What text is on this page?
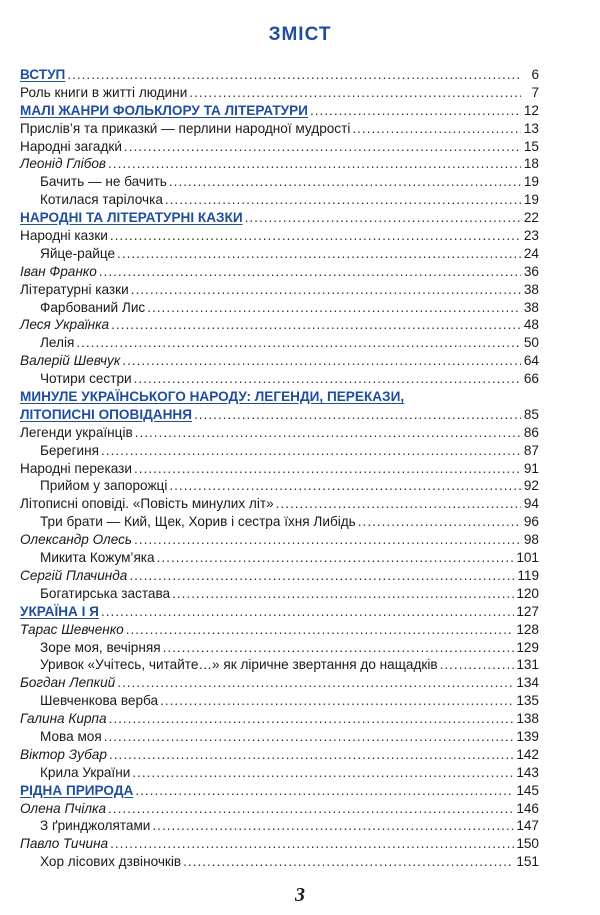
ЗМІСТ
ВСТУП .....	6
Роль книги в житті людини .....	7
МАЛІ ЖАНРИ ФОЛЬКЛОРУ ТА ЛІТЕРАТУРИ .....	12
Прислів’я та приказки́ — перлини народної мудрості .....	13
Народні загадки́ .....	15
Леонід Глібов .....	18
Бачить — не бачить .....	19
Котилася тарілочка .....	19
НАРОДНІ ТА ЛІТЕРАТУРНІ КАЗКИ .....	22
Народні казки .....	23
Яйце-райце .....	24
Іван Франко .....	36
Літературні казки .....	38
Фарбований Лис .....	38
Леся Українка .....	48
Лелія .....	50
Валерій Шевчук .....	64
Чотири сестри .....	66
МИНУЛЕ УКРАЇНСЬКОГО НАРОДУ: ЛЕГЕНДИ, ПЕРЕКАЗИ,
ЛІТОПИСНІ ОПОВІДАННЯ .....	85
Легенди українців .....	86
Берегиня .....	87
Народні перекази .....	91
Прийом у запорожці .....	92
Літописні оповіді. «Повість минулих літ» .....	94
Три брати — Кий, Щек, Хорив і сестра їхня Либідь .....	96
Олександр Олесь .....	98
Микита Кожум’яка .....	101
Сергій Плачинда .....	119
Богатирська застава .....	120
УКРАЇНА І Я .....	127
Тарас Шевченко .....	128
Зоре моя, вечірняя .....	129
Уривок «Учітесь, читайте…» як ліричне звертання до нащадків .....	131
Богдан Лепкий .....	134
Шевченкова верба .....	135
Галина Кирпа .....	138
Мова моя .....	139
Віктор Зубар .....	142
Крила України .....	143
РІДНА ПРИРОДА .....	145
Олена Пчілка .....	146
З ґринджолятами .....	147
Павло Тичина .....	150
Хор лісових дзвіночків .....	151
3
